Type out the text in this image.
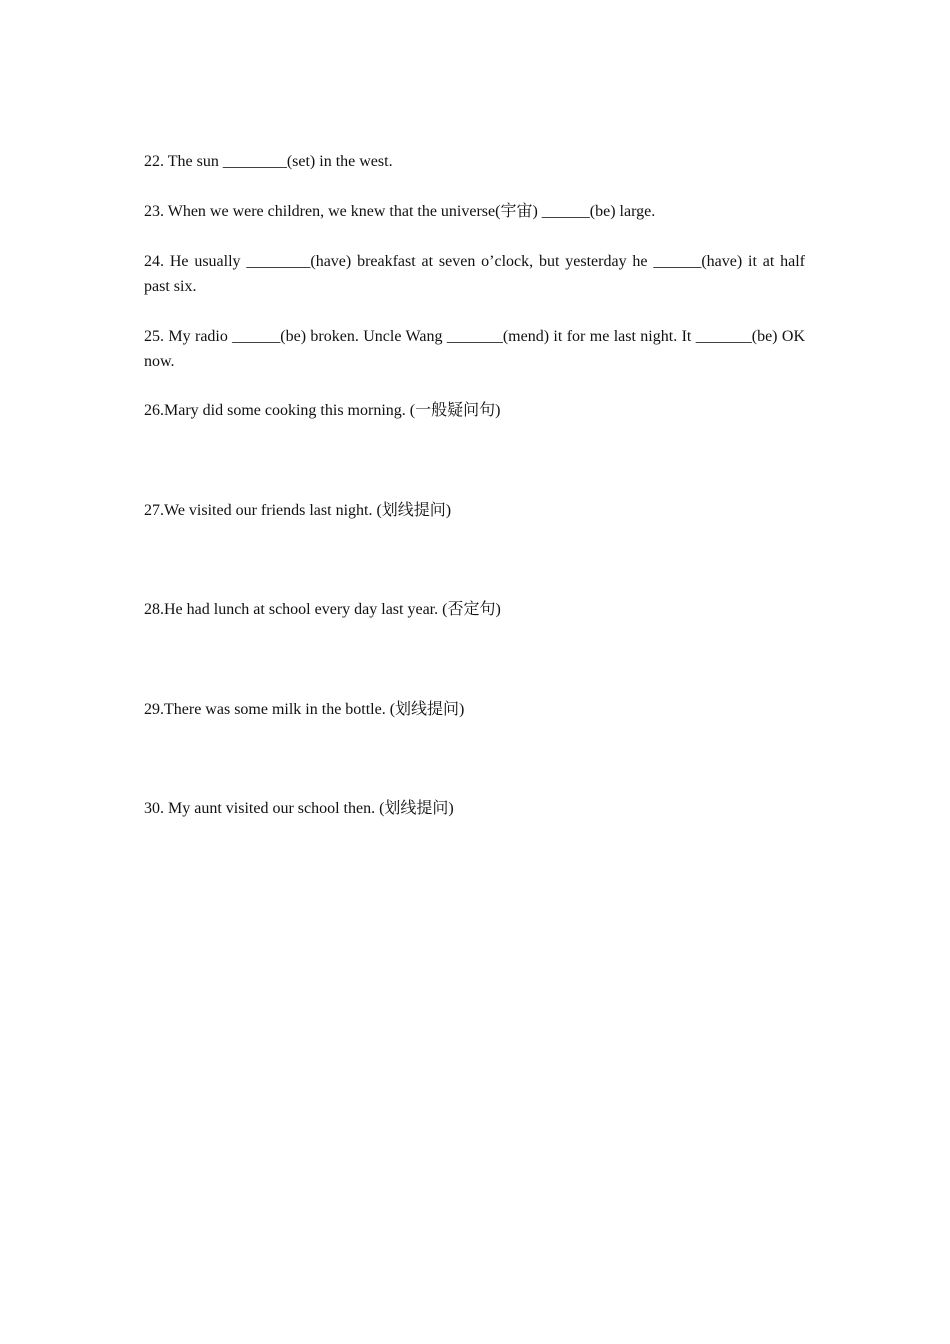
22. The sun ________(set) in the west.

23. When we were children, we knew that the universe(宇宙) ______(be) large.

24. He usually ________(have) breakfast at seven o’clock, but yesterday he ______(have) it at half past six.

25. My radio ______(be) broken. Uncle Wang _______(mend) it for me last night. It _______(be) OK now.

26.Mary did some cooking this morning. (一般疑问句)

27.We visited our friends last night. (划线提问)

28.He had lunch at school every day last year. (否定句)

29.There was some milk in the bottle. (划线提问)

30. My aunt visited our school then. (划线提问)
